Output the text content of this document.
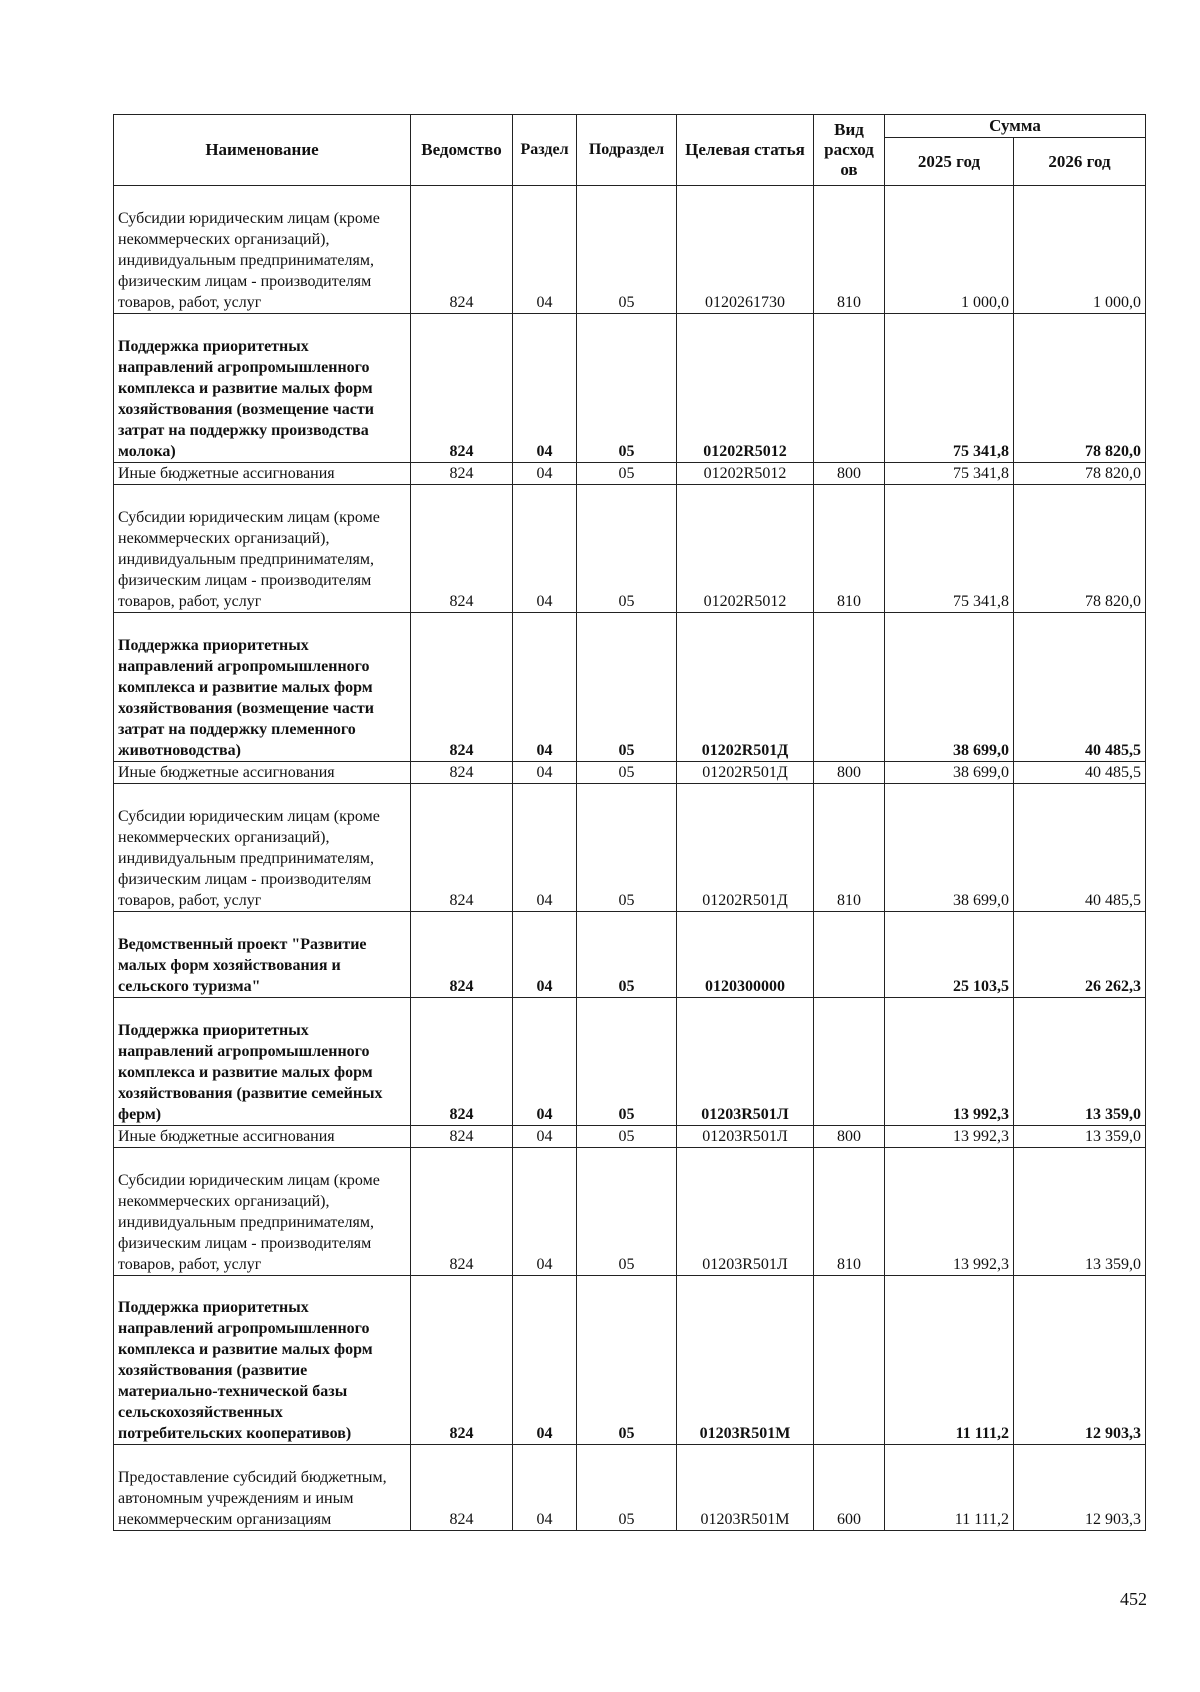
Наименование	Ведомство	Раздел	Подраздел	Целевая статья	Вид расход ов	Сумма	
						2025 год	2026 год
Субсидии юридическим лицам (кроме некоммерческих организаций), индивидуальным предпринимателям, физическим лицам - производителям товаров, работ, услуг	824	04	05	0120261730	810	1 000,0	1 000,0
Поддержка приоритетных направлений агропромышленного комплекса и развитие малых форм хозяйствования (возмещение части затрат на поддержку производства молока)	824	04	05	01202R5012		75 341,8	78 820,0
Иные бюджетные ассигнования	824	04	05	01202R5012	800	75 341,8	78 820,0
Субсидии юридическим лицам (кроме некоммерческих организаций), индивидуальным предпринимателям, физическим лицам - производителям товаров, работ, услуг	824	04	05	01202R5012	810	75 341,8	78 820,0
Поддержка приоритетных направлений агропромышленного комплекса и развитие малых форм хозяйствования (возмещение части затрат на поддержку племенного животноводства)	824	04	05	01202R501Д		38 699,0	40 485,5
Иные бюджетные ассигнования	824	04	05	01202R501Д	800	38 699,0	40 485,5
Субсидии юридическим лицам (кроме некоммерческих организаций), индивидуальным предпринимателям, физическим лицам - производителям товаров, работ, услуг	824	04	05	01202R501Д	810	38 699,0	40 485,5
Ведомственный проект "Развитие малых форм хозяйствования и сельского туризма"	824	04	05	0120300000		25 103,5	26 262,3
Поддержка приоритетных направлений агропромышленного комплекса и развитие малых форм хозяйствования (развитие семейных ферм)	824	04	05	01203R501Л		13 992,3	13 359,0
Иные бюджетные ассигнования	824	04	05	01203R501Л	800	13 992,3	13 359,0
Субсидии юридическим лицам (кроме некоммерческих организаций), индивидуальным предпринимателям, физическим лицам - производителям товаров, работ, услуг	824	04	05	01203R501Л	810	13 992,3	13 359,0
Поддержка приоритетных направлений агропромышленного комплекса и развитие малых форм хозяйствования (развитие материально-технической базы сельскохозяйственных потребительских кооперативов)	824	04	05	01203R501М		11 111,2	12 903,3
Предоставление субсидий бюджетным, автономным учреждениям и иным некоммерческим организациям	824	04	05	01203R501М	600	11 111,2	12 903,3
452
